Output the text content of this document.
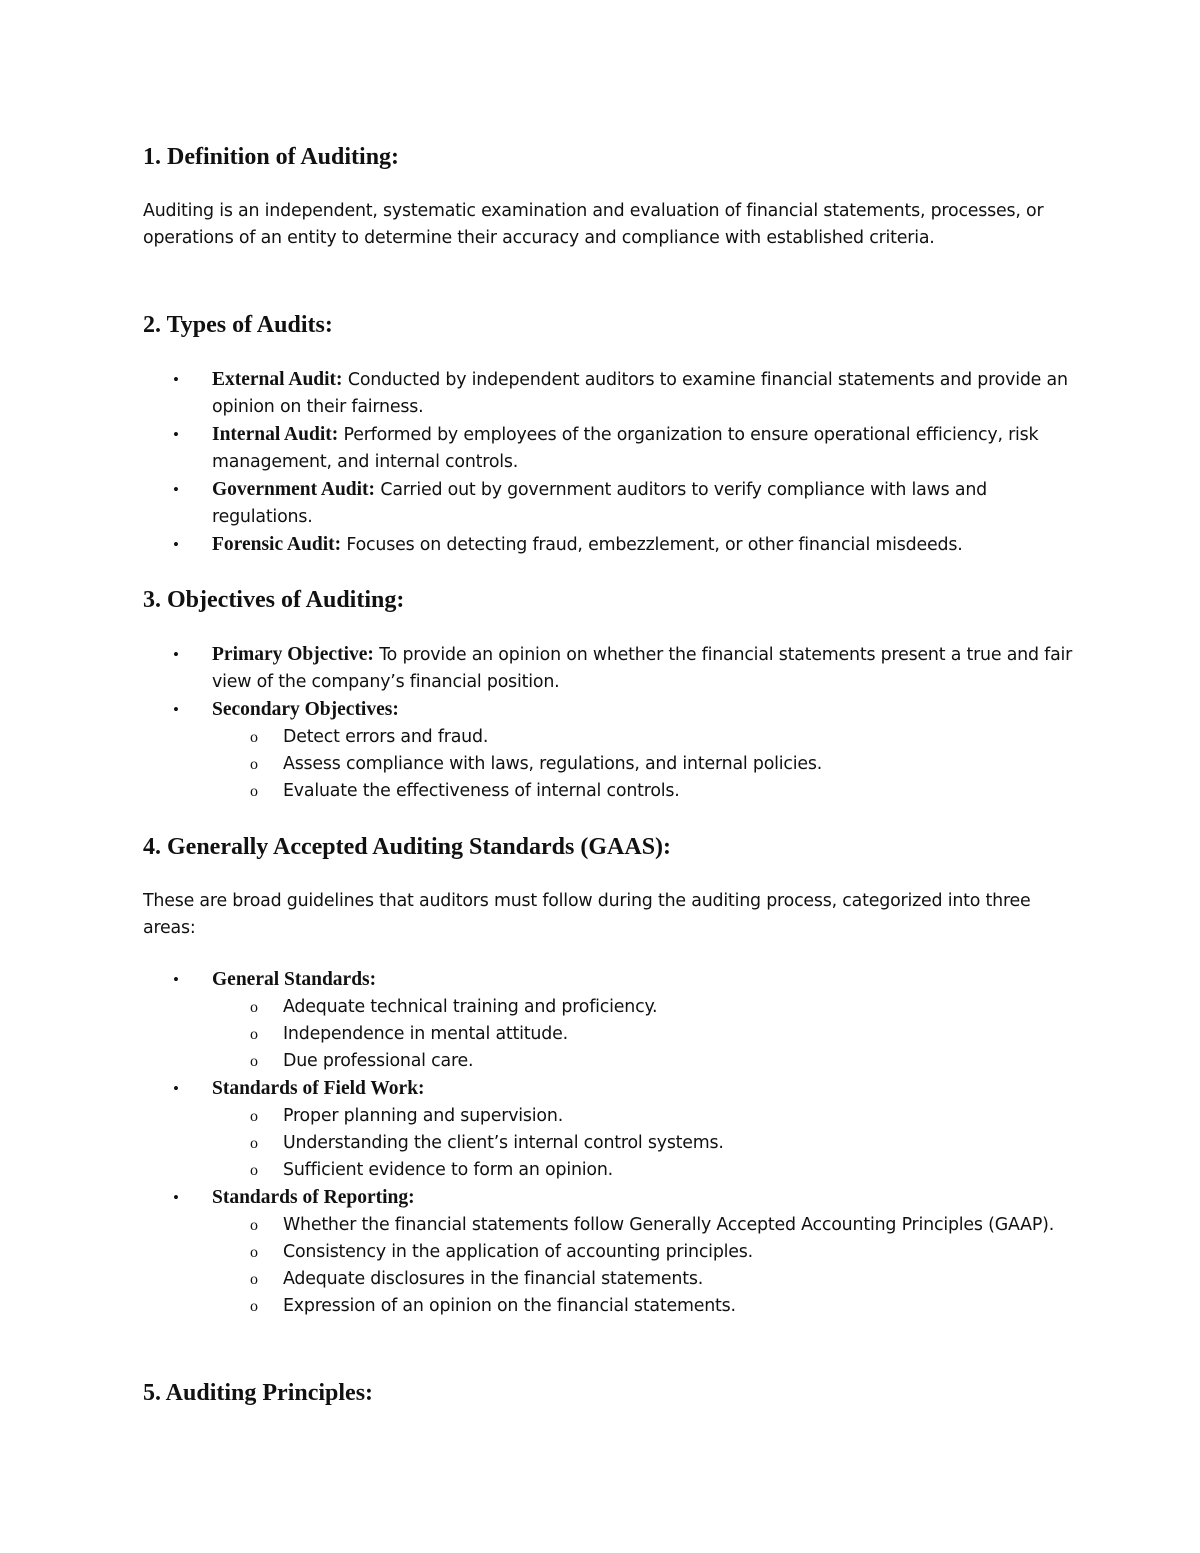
1. Definition of Auditing:

Auditing is an independent, systematic examination and evaluation of financial statements, processes, or operations of an entity to determine their accuracy and compliance with established criteria.

2. Types of Audits:
• External Audit: Conducted by independent auditors to examine financial statements and provide an opinion on their fairness.
• Internal Audit: Performed by employees of the organization to ensure operational efficiency, risk management, and internal controls.
• Government Audit: Carried out by government auditors to verify compliance with laws and regulations.
• Forensic Audit: Focuses on detecting fraud, embezzlement, or other financial misdeeds.
3. Objectives of Auditing:
• Primary Objective: To provide an opinion on whether the financial statements present a true and fair view of the company’s financial position.
• Secondary Objectives:
o Detect errors and fraud.
o Assess compliance with laws, regulations, and internal policies.
o Evaluate the effectiveness of internal controls.
4. Generally Accepted Auditing Standards (GAAS):

These are broad guidelines that auditors must follow during the auditing process, categorized into three areas:

• General Standards:
o Adequate technical training and proficiency.
o Independence in mental attitude.
o Due professional care.
• Standards of Field Work:
o Proper planning and supervision.
o Understanding the client’s internal control systems.
o Sufficient evidence to form an opinion.
• Standards of Reporting:
o Whether the financial statements follow Generally Accepted Accounting Principles (GAAP).
o Consistency in the application of accounting principles.
o Adequate disclosures in the financial statements.
o Expression of an opinion on the financial statements.
5. Auditing Principles:
